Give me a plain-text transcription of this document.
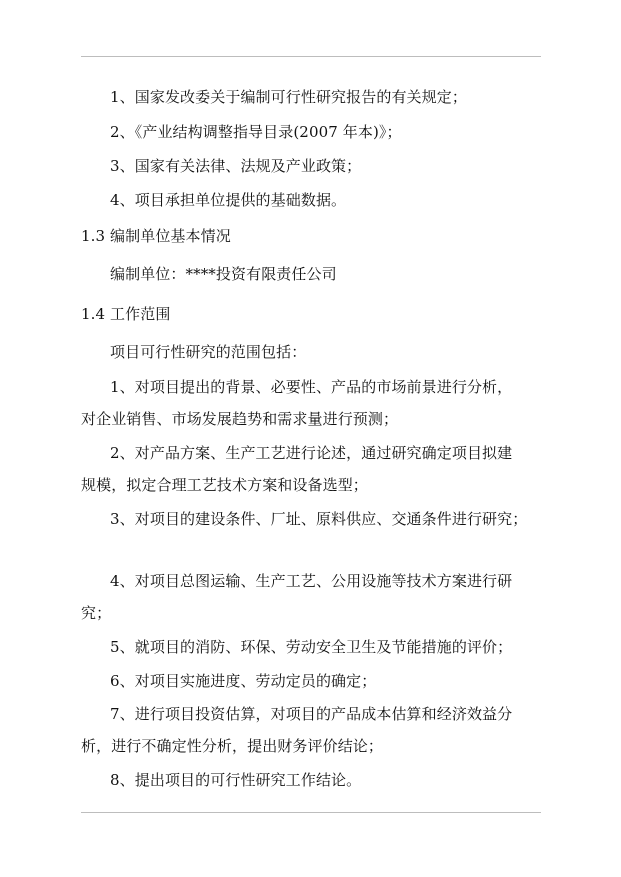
1、国家发改委关于编制可行性研究报告的有关规定；
2、《产业结构调整指导目录(2007 年本)》；
3、国家有关法律、法规及产业政策；
4、项目承担单位提供的基础数据。
1.3 编制单位基本情况
编制单位：****投资有限责任公司
1.4 工作范围
项目可行性研究的范围包括：
1、对项目提出的背景、必要性、产品的市场前景进行分析，
对企业销售、市场发展趋势和需求量进行预测；
2、对产品方案、生产工艺进行论述，通过研究确定项目拟建
规模，拟定合理工艺技术方案和设备选型；
3、对项目的建设条件、厂址、原料供应、交通条件进行研究；
4、对项目总图运输、生产工艺、公用设施等技术方案进行研
究；
5、就项目的消防、环保、劳动安全卫生及节能措施的评价；
6、对项目实施进度、劳动定员的确定；
7、进行项目投资估算，对项目的产品成本估算和经济效益分
析，进行不确定性分析，提出财务评价结论；
8、提出项目的可行性研究工作结论。
